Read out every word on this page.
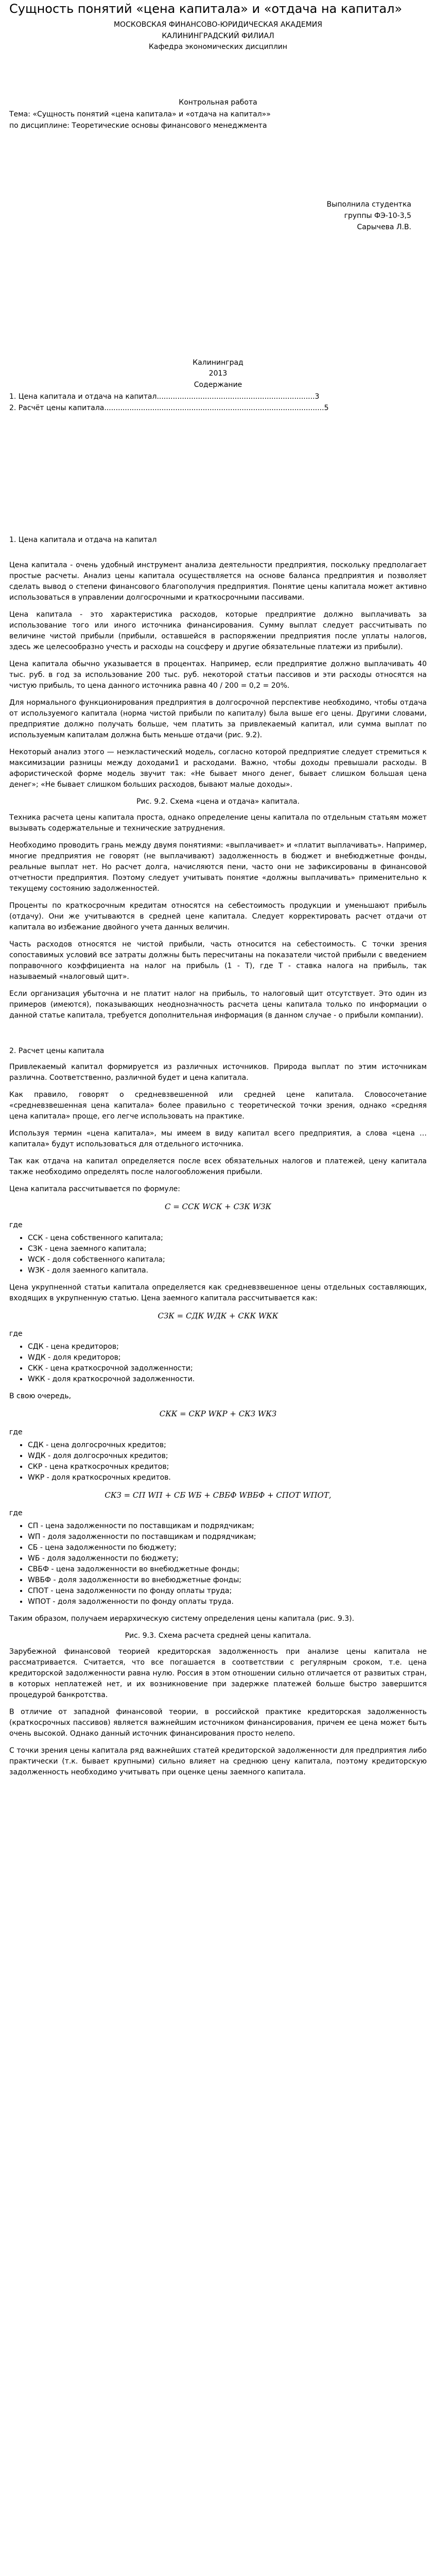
Сущность понятий «цена капитала» и «отдача на капитал»
МОСКОВСКАЯ ФИНАНСОВО-ЮРИДИЧЕСКАЯ АКАДЕМИЯ
КАЛИНИНГРАДСКИЙ ФИЛИАЛ
Кафедра экономических дисциплин
Контрольная работа
Тема: «Сущность понятий «цена капитала» и «отдача на капитал»»
по дисциплине: Теоретические основы финансового менеджмента
Выполнила студентка
группы ФЭ-10-3,5
Сарычева Л.В.
Калининград
2013
Содержание
1. Цена капитала и отдача на капитал.....................................................................3
2. Расчёт цены капитала................................................................................................5
1. Цена капитала и отдача на капитал

Цена капитала - очень удобный инструмент анализа деятельности предприятия, поскольку предполагает простые расчеты. Анализ цены капитала осуществляется на основе баланса предприятия и позволяет сделать вывод о степени финансового благополучия предприятия. Понятие цены капитала может активно использоваться в управлении долгосрочными и краткосрочными пассивами.

Цена капитала - это характеристика расходов, которые предприятие должно выплачивать за использование того или иного источника финансирования. Сумму выплат следует рассчитывать по величине чистой прибыли (прибыли, оставшейся в распоряжении предприятия после уплаты налогов, здесь же целесообразно учесть и расходы на соцсферу и другие обязательные платежи из прибыли).

Цена капитала обычно указывается в процентах. Например, если предприятие должно выплачивать 40 тыс. руб. в год за использование 200 тыс. руб. некоторой статьи пассивов и эти расходы относятся на чистую прибыль, то цена данного источника равна 40 / 200 = 0,2 = 20%.

Для нормального функционирования предприятия в долгосрочной перспективе необходимо, чтобы отдача от используемого капитала (норма чистой прибыли по капиталу) была выше его цены. Другими словами, предприятие должно получать больше, чем платить за привлекаемый капитал, или сумма выплат по используемым капиталам должна быть меньше отдачи (рис. 9.2).

Некоторый анализ этого — неэкластический модель, согласно которой предприятие следует стремиться к максимизации разницы между доходами1 и расходами. Важно, чтобы доходы превышали расходы. В афористической форме модель звучит так: «Не бывает много денег, бывает слишком большая цена денег»; «Не бывает слишком больших расходов, бывают малые доходы».

Рис. 9.2. Схема «цена и отдача» капитала.

Техника расчета цены капитала проста, однако определение цены капитала по отдельным статьям может вызывать содержательные и технические затруднения.

Необходимо проводить грань между двумя понятиями: «выплачивает» и «платит выплачивать». Например, многие предприятия не говорят (не выплачивают) задолженность в бюджет и внебюджетные фонды, реальные выплат нет. Но расчет долга, начисляются пени, часто они не зафиксированы в финансовой отчетности предприятия. Поэтому следует учитывать понятие «должны выплачивать» применительно к текущему состоянию задолженностей.

Проценты по краткосрочным кредитам относятся на себестоимость продукции и уменьшают прибыль (отдачу). Они же учитываются в средней цене капитала. Следует корректировать расчет отдачи от капитала во избежание двойного учета данных величин.

Часть расходов относятся не чистой прибыли, часть относится на себестоимость. С точки зрения сопоставимых условий все затраты должны быть пересчитаны на показатели чистой прибыли с введением поправочного коэффициента на налог на прибыль (1 - T), где T - ставка налога на прибыль, так называемый «налоговый щит».

Если организация убыточна и не платит налог на прибыль, то налоговый щит отсутствует. Это один из примеров (имеются), показывающих неоднозначность расчета цены капитала только по информации о данной статье капитала, требуется дополнительная информация (в данном случае - о прибыли компании).

2. Расчет цены капитала

Привлекаемый капитал формируется из различных источников. Природа выплат по этим источникам различна. Соответственно, различной будет и цена капитала.

Как правило, говорят о средневзвешенной или средней цене капитала. Словосочетание «средневзвешенная цена капитала» более правильно с теоретической точки зрения, однако «средняя цена капитала» проще, его легче использовать на практике.

Используя термин «цена капитала», мы имеем в виду капитал всего предприятия, а слова «цена … капитала» будут использоваться для отдельного источника.

Так как отдача на капитал определяется после всех обязательных налогов и платежей, цену капитала также необходимо определять после налогообложения прибыли.

Цена капитала рассчитывается по формуле:

C = CСК WСК + CЗК WЗК
где
• CСК - цена собственного капитала;
• CЗК - цена заемного капитала;
• WСК - доля собственного капитала;
• WЗК - доля заемного капитала.

Цена укрупненной статьи капитала определяется как средневзвешенное цены отдельных составляющих, входящих в укрупненную статью. Цена заемного капитала рассчитывается как:

CЗК = CДК WДК + CКК WКК
где
• CДК - цена кредиторов;
• WДК - доля кредиторов;
• CКК - цена краткосрочной задолженности;
• WКК - доля краткосрочной задолженности.

В свою очередь,

CКК = CКР WКР + CКЗ WКЗ
где
• CДК - цена долгосрочных кредитов;
• WДК - доля долгосрочных кредитов;
• CКР - цена краткосрочных кредитов;
• WКР - доля краткосрочных кредитов.
CКЗ = CП WП + CБ WБ + CВБФ WВБФ + CПОТ WПОТ,
где
• CП - цена задолженности по поставщикам и подрядчикам;
• WП - доля задолженности по поставщикам и подрядчикам;
• CБ - цена задолженности по бюджету;
• WБ - доля задолженности по бюджету;
• CВБФ - цена задолженности во внебюджетные фонды;
• WВБФ - доля задолженности во внебюджетные фонды;
• CПОТ - цена задолженности по фонду оплаты труда;
• WПОТ - доля задолженности по фонду оплаты труда.

Таким образом, получаем иерархическую систему определения цены капитала (рис. 9.3).

Рис. 9.3. Схема расчета средней цены капитала.

Зарубежной финансовой теорией кредиторская задолженность при анализе цены капитала не рассматривается. Считается, что все погашается в соответствии с регулярным сроком, т.е. цена кредиторской задолженности равна нулю. Россия в этом отношении сильно отличается от развитых стран, в которых неплатежей нет, и их возникновение при задержке платежей больше быстро завершится процедурой банкротства.

В отличие от западной финансовой теории, в российской практике кредиторская задолженность (краткосрочных пассивов) является важнейшим источником финансирования, причем ее цена может быть очень высокой. Однако данный источник финансирования просто нелепо.

С точки зрения цены капитала ряд важнейших статей кредиторской задолженности для предприятия либо практически (т.к. бывает крупными) сильно влияет на среднюю цену капитала, поэтому кредиторскую задолженность необходимо учитывать при оценке цены заемного капитала.
